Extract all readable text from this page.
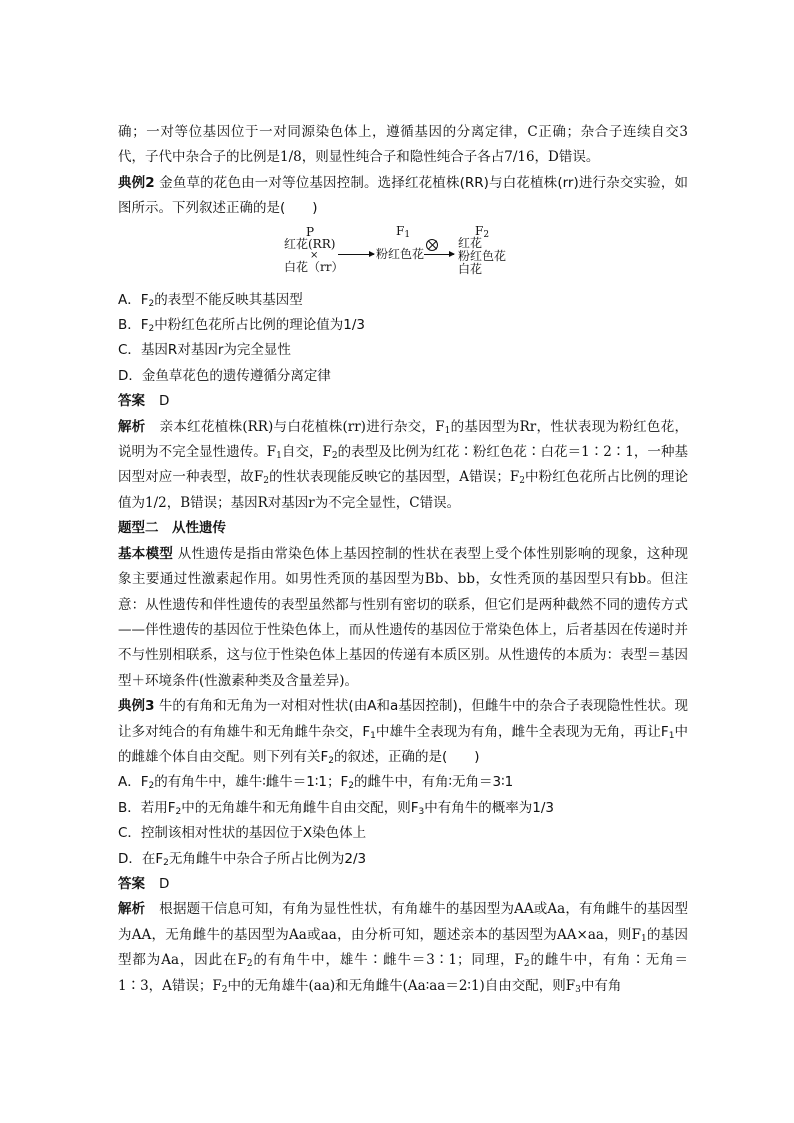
确；一对等位基因位于一对同源染色体上，遵循基因的分离定律，C正确；杂合子连续自交3代，子代中杂合子的比例是1/8，则显性纯合子和隐性纯合子各占7/16，D错误。

典例2 金鱼草的花色由一对等位基因控制。选择红花植株(RR)与白花植株(rr)进行杂交实验，如图所示。下列叙述正确的是(　　)

P
红花(RR)
×
白花（rr）
$F_1$
粉红色花
$F_2$
红花
粉红色花
白花

A．$F_2$的表型不能反映其基因型

B．$F_2$中粉红色花所占比例的理论值为1/3

C．基因R对基因r为完全显性

D．金鱼草花色的遗传遵循分离定律

答案 D

解析 亲本红花植株(RR)与白花植株(rr)进行杂交，$F_1$的基因型为Rr，性状表现为粉红色花，说明为不完全显性遗传。$F_1$自交，$F_2$的表型及比例为红花∶粉红色花∶白花＝1∶2∶1，一种基因型对应一种表型，故$F_2$的性状表现能反映它的基因型，A错误；$F_2$中粉红色花所占比例的理论值为1/2，B错误；基因R对基因r为不完全显性，C错误。

题型二　从性遗传

基本模型 从性遗传是指由常染色体上基因控制的性状在表型上受个体性别影响的现象，这种现象主要通过性激素起作用。如男性秃顶的基因型为Bb、bb，女性秃顶的基因型只有bb。但注意：从性遗传和伴性遗传的表型虽然都与性别有密切的联系，但它们是两种截然不同的遗传方式——伴性遗传的基因位于性染色体上，而从性遗传的基因位于常染色体上，后者基因在传递时并不与性别相联系，这与位于性染色体上基因的传递有本质区别。从性遗传的本质为：表型＝基因型＋环境条件(性激素种类及含量差异)。

典例3 牛的有角和无角为一对相对性状(由A和a基因控制)，但雌牛中的杂合子表现隐性性状。现让多对纯合的有角雄牛和无角雌牛杂交，$F_1$中雄牛全表现为有角，雌牛全表现为无角，再让$F_1$中的雌雄个体自由交配。则下列有关$F_2$的叙述，正确的是(　　)

A．$F_2$的有角牛中，雄牛∶雌牛＝1∶1；$F_2$的雌牛中，有角∶无角＝3∶1

B．若用$F_2$中的无角雄牛和无角雌牛自由交配，则$F_3$中有角牛的概率为1/3

C．控制该相对性状的基因位于X染色体上

D．在$F_2$无角雌牛中杂合子所占比例为2/3

答案 D

解析 根据题干信息可知，有角为显性性状，有角雄牛的基因型为AA或Aa，有角雌牛的基因型为AA，无角雌牛的基因型为Aa或aa，由分析可知，题述亲本的基因型为AA×aa，则$F_1$的基因型都为Aa，因此在$F_2$的有角牛中，雄牛∶雌牛＝3∶1；同理，$F_2$的雌牛中，有角∶无角＝1∶3，A错误；$F_2$中的无角雄牛(aa)和无角雌牛(Aa∶aa＝2∶1)自由交配，则$F_3$中有角
